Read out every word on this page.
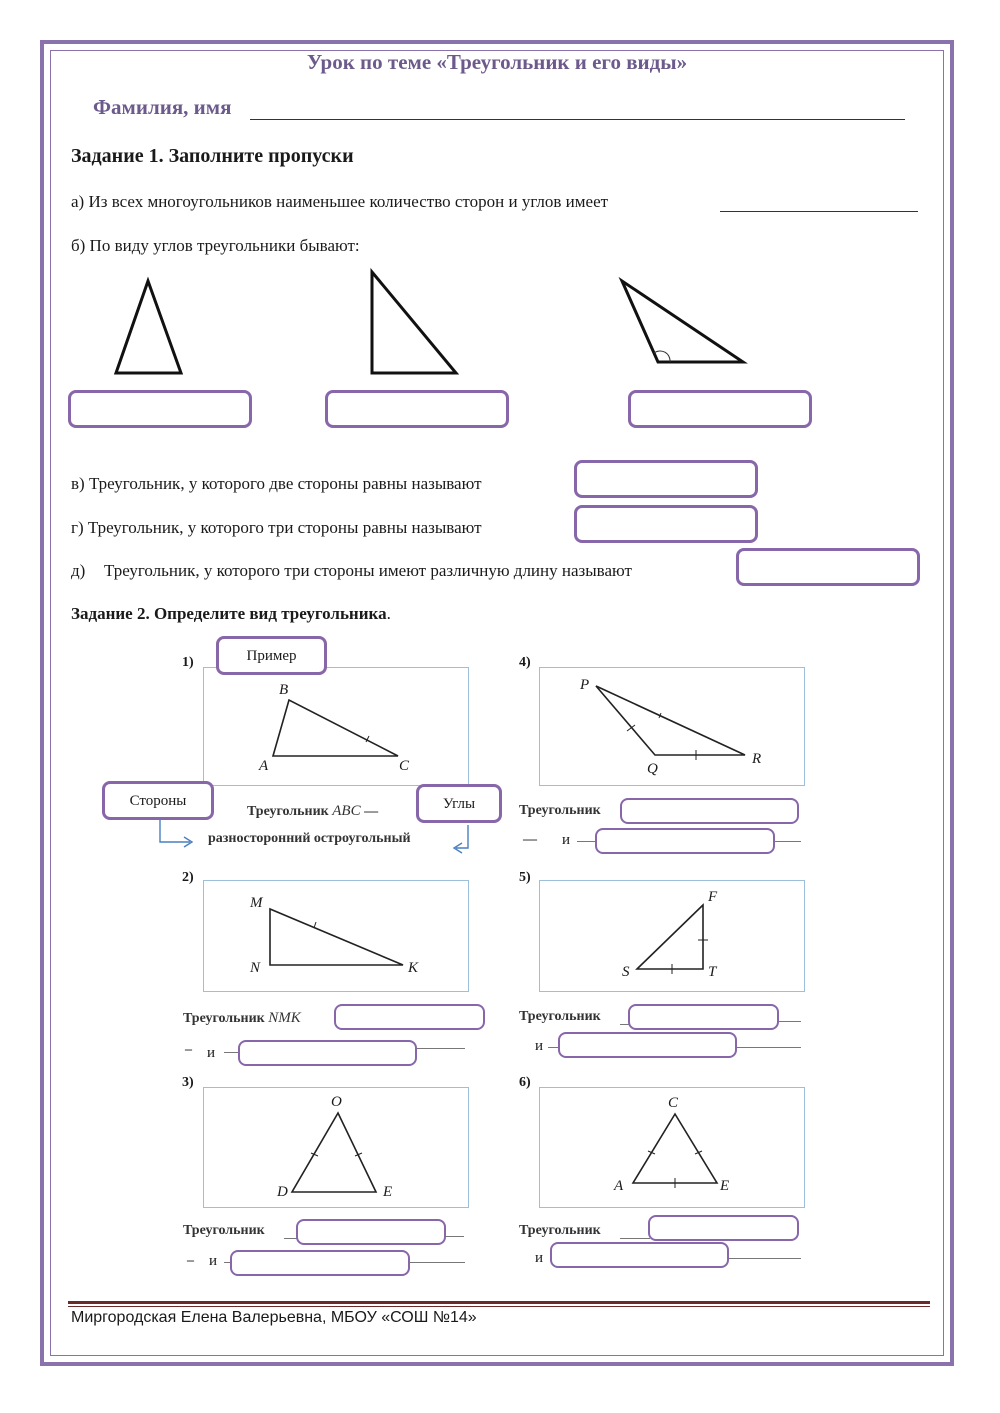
Урок по теме «Треугольник и его виды»
Фамилия, имя
Задание 1. Заполните пропуски
а) Из всех многоугольников наименьшее количество сторон и углов имеет
б) По виду углов треугольники бывают:
в) Треугольник, у которого две стороны равны называют
г) Треугольник, у которого три стороны равны называют
д) Треугольник, у которого три стороны имеют различную длину называют
Задание 2. Определите вид треугольника.
1)
2)
3)
4)
5)
6)
B
A	C
M
N	K
O
D	E
P
Q
R
F
S	T
C
A	E
Пример
Стороны	Углы
Треугольник ABC —
разносторонний остроугольный
Треугольник NMK
– и
Треугольник
– и
Треугольник
— и
Треугольник
и
Треугольник
и
Миргородская Елена Валерьевна, МБОУ «СОШ №14»
